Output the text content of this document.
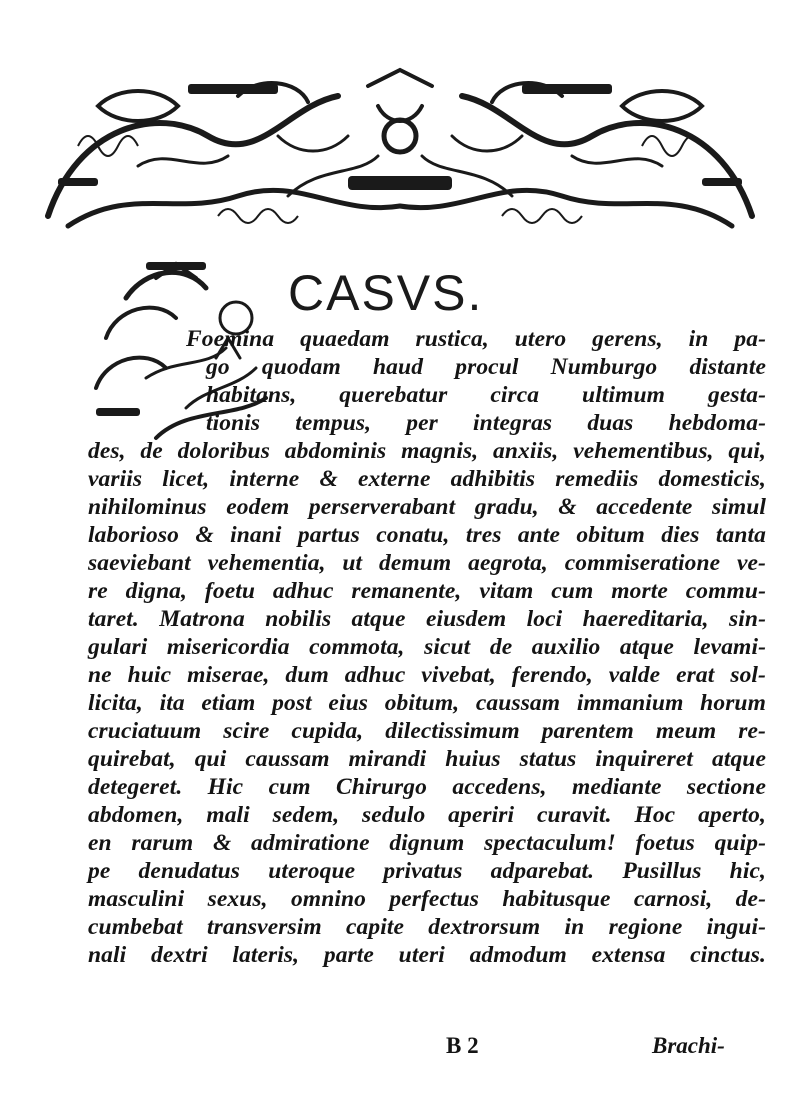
CASVS.
Foemina quaedam rustica, utero gerens, in pa-
go quodam haud procul Numburgo distante
habitans, querebatur circa ultimum gesta-
tionis tempus, per integras duas hebdoma-
des, de doloribus abdominis magnis, anxiis, vehementibus, qui,
variis licet, interne & externe adhibitis remediis domesticis,
nihilominus eodem perserverabant gradu, & accedente simul
laborioso & inani partus conatu, tres ante obitum dies tanta
saeviebant vehementia, ut demum aegrota, commiseratione ve-
re digna, foetu adhuc remanente, vitam cum morte commu-
taret. Matrona nobilis atque eiusdem loci haereditaria, sin-
gulari misericordia commota, sicut de auxilio atque levami-
ne huic miserae, dum adhuc vivebat, ferendo, valde erat sol-
licita, ita etiam post eius obitum, caussam immanium horum
cruciatuum scire cupida, dilectissimum parentem meum re-
quirebat, qui caussam mirandi huius status inquireret atque
detegeret. Hic cum Chirurgo accedens, mediante sectione
abdomen, mali sedem, sedulo aperiri curavit. Hoc aperto,
en rarum & admiratione dignum spectaculum! foetus quip-
pe denudatus uteroque privatus adparebat. Pusillus hic,
masculini sexus, omnino perfectus habitusque carnosi, de-
cumbebat transversim capite dextrorsum in regione ingui-
nali dextri lateris, parte uteri admodum extensa cinctus.
B 2	Brachi-
